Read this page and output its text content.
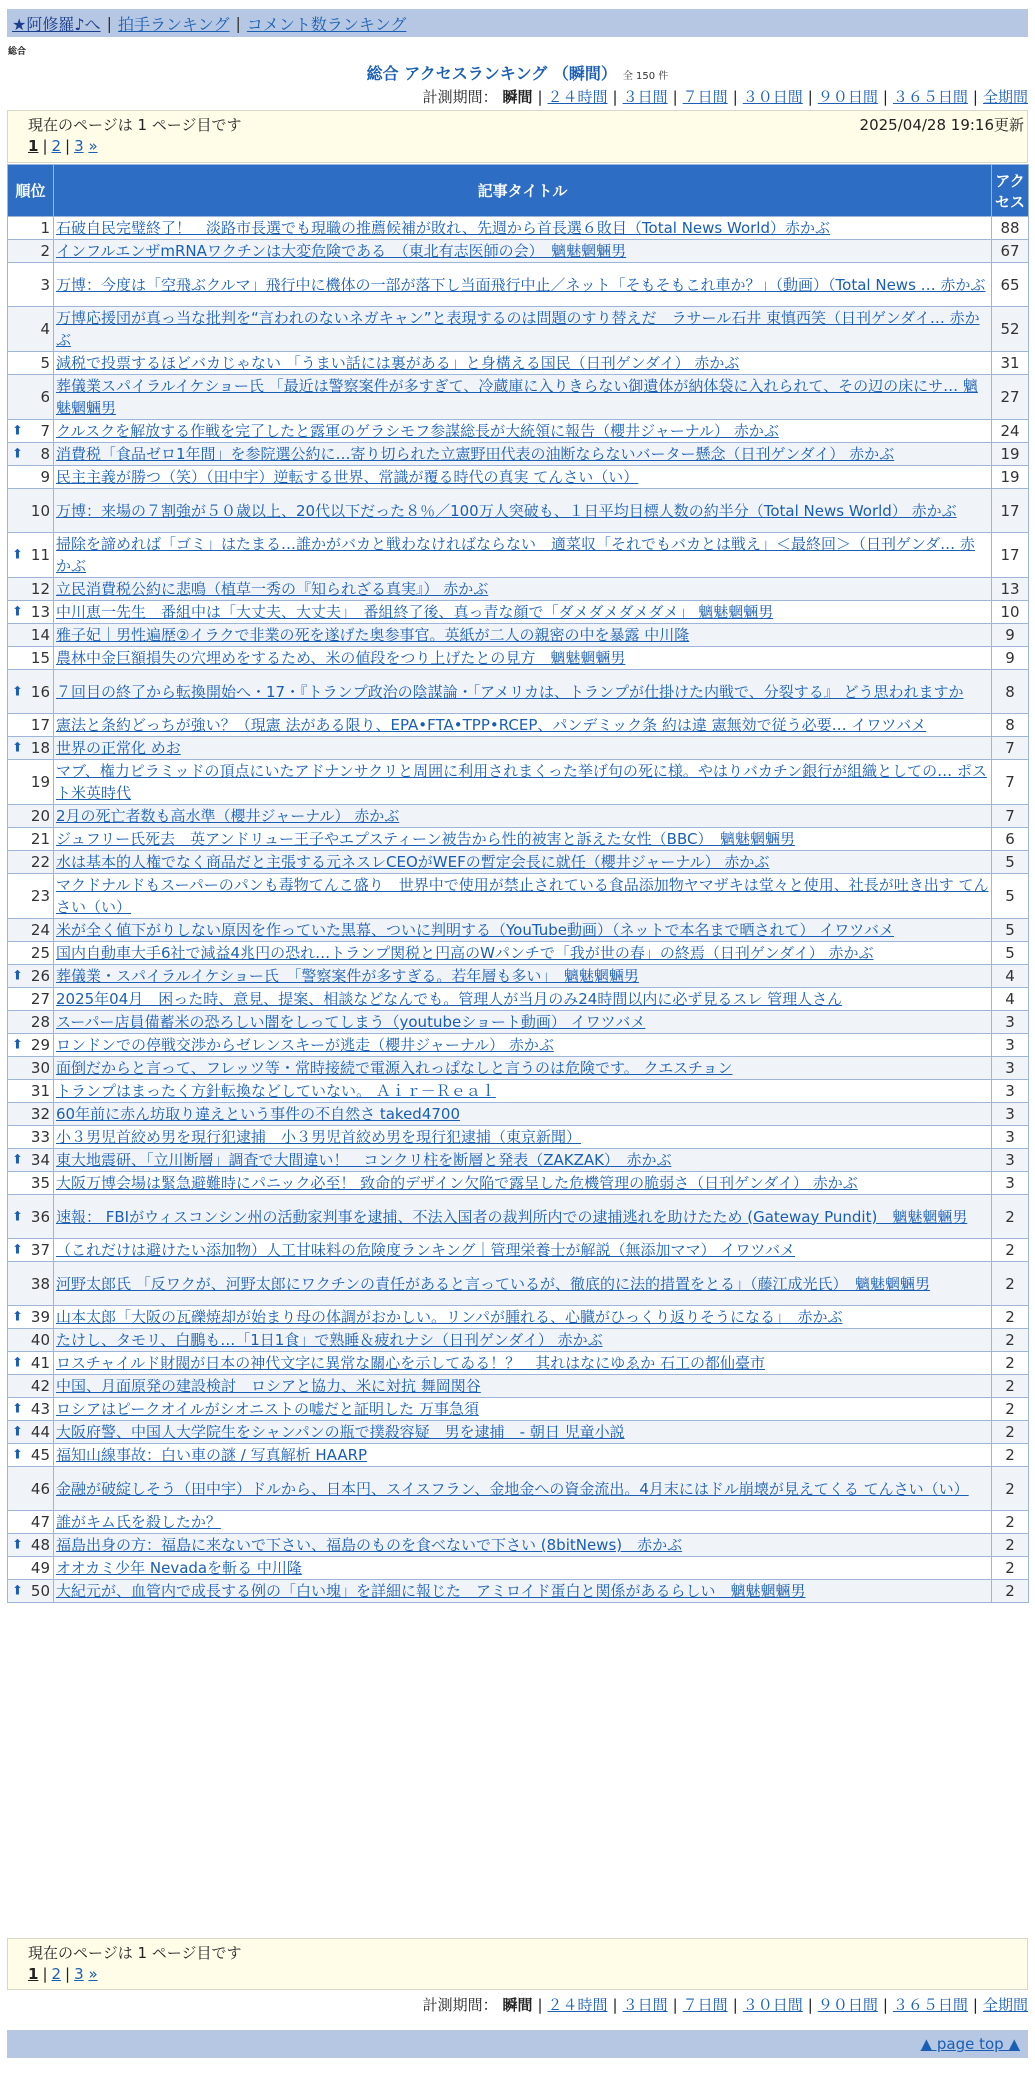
★阿修羅♪へ | 拍手ランキング | コメント数ランキング
総合
総合 アクセスランキング （瞬間） 全 150 件
計測期間： 瞬間 | ２４時間 | ３日間 | ７日間 | ３０日間 | ９０日間 | ３６５日間 | 全期間
現在のページは 1 ページ目です	2025/04/28 19:16更新
1 | 2 | 3 »
順位	記事タイトル	アクセス
1	石破自民完璧終了！　淡路市長選でも現職の推薦候補が敗れ、先週から首長選６敗目（Total News World）赤かぶ	88
2	インフルエンザmRNAワクチンは大変危険である　（東北有志医師の会）　魑魅魍魎男	67
3	万博：今度は「空飛ぶクルマ」飛行中に機体の一部が落下し当面飛行中止／ネット「そもそもこれ車か？」（動画）（Total News … 赤かぶ	65
4	万博応援団が真っ当な批判を“言われのないネガキャン”と表現するのは問題のすり替えだ　ラサール石井 東慎西笑（日刊ゲンダイ… 赤かぶ	52
5	減税で投票するほどバカじゃない 「うまい話には裏がある」と身構える国民（日刊ゲンダイ） 赤かぶ	31
6	葬儀業スパイラルイケショー氏 「最近は警察案件が多すぎて、冷蔵庫に入りきらない御遺体が納体袋に入れられて、その辺の床にサ… 魑魅魍魎男	27

⬆ 7	クルスクを解放する作戦を完了したと露軍のゲラシモフ参謀総長が大統領に報告（櫻井ジャーナル） 赤かぶ	24

⬆ 8	消費税「食品ゼロ1年間」を参院選公約に…寄り切られた立憲野田代表の油断ならないバーター懸念（日刊ゲンダイ） 赤かぶ	19
9	民主主義が勝つ（笑）（田中宇）逆転する世界、常識が覆る時代の真実 てんさい（い）	19
10	万博：来場の７割強が５０歳以上、20代以下だった８％／100万人突破も、１日平均目標人数の約半分（Total News World） 赤かぶ	17

⬆ 11	掃除を諦めれば「ゴミ」はたまる…誰かがバカと戦わなければならない　適菜収「それでもバカとは戦え」＜最終回＞（日刊ゲンダ… 赤かぶ	17
12	立民消費税公約に悲鳴（植草一秀の『知られざる真実』） 赤かぶ	13

⬆ 13	中川恵一先生　番組中は「大丈夫、大丈夫」　番組終了後、真っ青な顔で「ダメダメダメダメ」 魑魅魍魎男	10
14	雅子妃｜男性遍歴②イラクで非業の死を遂げた奥参事官。英紙が二人の親密の中を暴露 中川隆	9
15	農林中金巨額損失の穴埋めをするため、米の値段をつり上げたとの見方　魑魅魍魎男	9

⬆ 16	７回目の終了から転換開始へ・17・『トランプ政治の陰謀論・「アメリカは、トランプが仕掛けた内戦で、分裂する』 どう思われますか	8
17	憲法と条約どっちが強い？（現憲 法がある限り、EPA•FTA•TPP•RCEP、パンデミック条 約は違 憲無効で従う必要… イワツバメ	8

⬆ 18	世界の正常化 めお	7
19	マブ、権力ピラミッドの頂点にいたアドナンサクリと周囲に利用されまくった挙げ句の死に様。やはりバカチン銀行が組織としての… ポスト米英時代	7
20	2月の死亡者数も高水準（櫻井ジャーナル） 赤かぶ	7
21	ジュフリー氏死去　英アンドリュー王子やエプスティーン被告から性的被害と訴えた女性（BBC）　魑魅魍魎男	6
22	水は基本的人権でなく商品だと主張する元ネスレCEOがWEFの暫定会長に就任（櫻井ジャーナル） 赤かぶ	5
23	マクドナルドもスーパーのパンも毒物てんこ盛り　世界中で使用が禁止されている食品添加物ヤマザキは堂々と使用、社長が吐き出す てんさい（い）	5
24	米が全く値下がりしない原因を作っていた黒幕、ついに判明する（YouTube動画）（ネットで本名まで晒されて） イワツバメ	5
25	国内自動車大手6社で減益4兆円の恐れ…トランプ関税と円高のWパンチで「我が世の春」の終焉（日刊ゲンダイ） 赤かぶ	5

⬆ 26	葬儀業・スパイラルイケショー氏　「警察案件が多すぎる。若年層も多い」　魑魅魍魎男	4
27	2025年04月　困った時、意見、提案、相談などなんでも。管理人が当月のみ24時間以内に必ず見るスレ 管理人さん	4
28	スーパー店員備蓄米の恐ろしい闇をしってしまう（youtubeショート動画） イワツバメ	3

⬆ 29	ロンドンでの停戦交渉からゼレンスキーが逃走（櫻井ジャーナル） 赤かぶ	3
30	面倒だからと言って、フレッツ等・常時接続で電源入れっぱなしと言うのは危険です。 クエスチョン	3
31	トランプはまったく方針転換などしていない。 Ａｉｒ－Ｒｅａｌ	3
32	60年前に赤ん坊取り違えという事件の不自然さ taked4700	3
33	小３男児首絞め男を現行犯逮捕　小３男児首絞め男を現行犯逮捕（東京新聞）	3

⬆ 34	東大地震研、「立川断層」調査で大間違い！　コンクリ柱を断層と発表（ZAKZAK）　赤かぶ	3
35	大阪万博会場は緊急避難時にパニック必至！ 致命的デザイン欠陥で露呈した危機管理の脆弱さ（日刊ゲンダイ） 赤かぶ	3

⬆ 36	速報： FBIがウィスコンシン州の活動家判事を逮捕、不法入国者の裁判所内での逮捕逃れを助けたため (Gateway Pundit)　魑魅魍魎男	2

⬆ 37	（これだけは避けたい添加物）人工甘味料の危険度ランキング｜管理栄養士が解説（無添加ママ） イワツバメ	2
38	河野太郎氏 「反ワクが、河野太郎にワクチンの責任があると言っているが、徹底的に法的措置をとる」（藤江成光氏）　魑魅魍魎男	2

⬆ 39	山本太郎「大阪の瓦礫焼却が始まり母の体調がおかしい。リンパが腫れる、心臓がひっくり返りそうになる」　赤かぶ	2
40	たけし、タモリ、白鵬も…「1日1食」で熟睡＆疲れナシ（日刊ゲンダイ） 赤かぶ	2

⬆ 41	ロスチャイルド財閥が日本の神代文字に異常な關心を示してゐる！？　其れはなにゆゑか 石工の都仙臺市	2
42	中国、月面原発の建設検討　ロシアと協力、米に対抗 舞岡関谷	2

⬆ 43	ロシアはピークオイルがシオニストの嘘だと証明した 万事急須	2

⬆ 44	大阪府警、中国人大学院生をシャンパンの瓶で撲殺容疑　男を逮捕　- 朝日 児童小説	2

⬆ 45	福知山線事故：白い車の謎 / 写真解析 HAARP	2
46	金融が破綻しそう（田中宇）ドルから、日本円、スイスフラン、金地金への資金流出。4月末にはドル崩壊が見えてくる てんさい（い）	2
47	誰がキム氏を殺したか？	2

⬆ 48	福島出身の方：福島に来ないで下さい、福島のものを食べないで下さい (8bitNews)　赤かぶ	2
49	オオカミ少年 Nevadaを斬る 中川隆	2

⬆ 50	大紀元が、血管内で成長する例の「白い塊」を詳細に報じた　アミロイド蛋白と関係があるらしい　魑魅魍魎男	2
現在のページは 1 ページ目です
1 | 2 | 3 »
計測期間： 瞬間 | ２４時間 | ３日間 | ７日間 | ３０日間 | ９０日間 | ３６５日間 | 全期間
▲ page top ▲
